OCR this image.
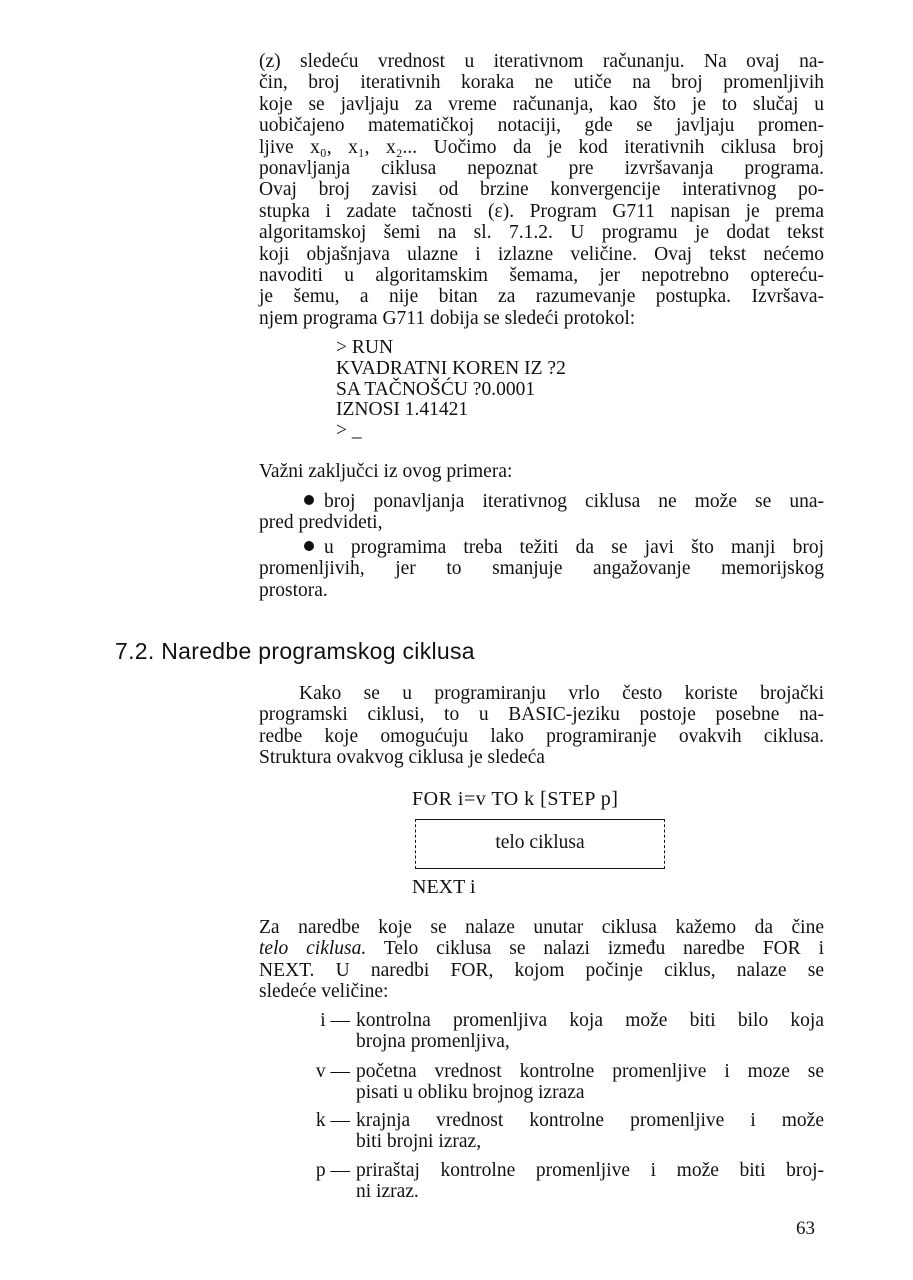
(z) sledeću vrednost u iterativnom računanju. Na ovaj na-
čin, broj iterativnih koraka ne utiče na broj promenljivih
koje se javljaju za vreme računanja, kao što je to slučaj u
uobičajeno matematičkoj notaciji, gde se javljaju promen-
ljive x₀, x₁, x₂... Uočimo da je kod iterativnih ciklusa broj
ponavljanja ciklusa nepoznat pre izvršavanja programa.
Ovaj broj zavisi od brzine konvergencije interativnog po-
stupka i zadate tačnosti (ε). Program G711 napisan je prema
algoritamskoj šemi na sl. 7.1.2. U programu je dodat tekst
koji objašnjava ulazne i izlazne veličine. Ovaj tekst nećemo
navoditi u algoritamskim šemama, jer nepotrebno optereću-
je šemu, a nije bitan za razumevanje postupka. Izvršava-
njem programa G711 dobija se sledeći protokol:
> RUN
KVADRATNI KOREN IZ ?2
SA TAČNOŠĆU ?0.0001
IZNOSI 1.41421
> _
Važni zaključci iz ovog primera:
broj ponavljanja iterativnog ciklusa ne može se una-
pred predvideti,
u programima treba težiti da se javi što manji broj
promenljivih, jer to smanjuje angažovanje memorijskog
prostora.
7.2. Naredbe programskog ciklusa
Kako se u programiranju vrlo često koriste brojački
programski ciklusi, to u BASIC-jeziku postoje posebne na-
redbe koje omogućuju lako programiranje ovakvih ciklusa.
Struktura ovakvog ciklusa je sledeća
FOR i=v TO k [STEP p]
telo ciklusa
NEXT i
Za naredbe koje se nalaze unutar ciklusa kažemo da čine
telo ciklusa. Telo ciklusa se nalazi između naredbe FOR i
NEXT. U naredbi FOR, kojom počinje ciklus, nalaze se
sledeće veličine:
i — kontrolna promenljiva koja može biti bilo koja
brojna promenljiva,
v — početna vrednost kontrolne promenljive i moze se
pisati u obliku brojnog izraza
k — krajnja vrednost kontrolne promenljive i može
biti brojni izraz,
p — priraštaj kontrolne promenljive i može biti broj-
ni izraz.
63
